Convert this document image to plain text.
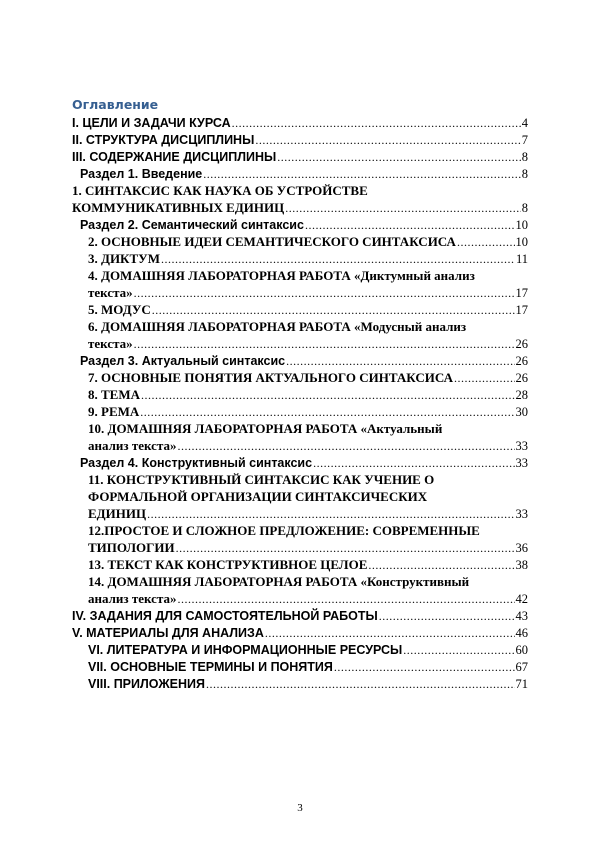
Оглавление
I. ЦЕЛИ И ЗАДАЧИ КУРСА .....	4
II. СТРУКТУРА ДИСЦИПЛИНЫ .....	7
III. СОДЕРЖАНИЕ ДИСЦИПЛИНЫ .....	8
Раздел 1. Введение .....	8
1. СИНТАКСИС КАК НАУКА ОБ УСТРОЙСТВЕ
КОММУНИКАТИВНЫХ ЕДИНИЦ .....	8
Раздел 2. Семантический синтаксис .....	10
2. ОСНОВНЫЕ ИДЕИ СЕМАНТИЧЕСКОГО СИНТАКСИСА .....	10
3. ДИКТУМ .....	11
4. ДОМАШНЯЯ ЛАБОРАТОРНАЯ РАБОТА «Диктумный анализ
текста» .....	17
5. МОДУС .....	17
6. ДОМАШНЯЯ ЛАБОРАТОРНАЯ РАБОТА «Модусный анализ
текста» .....	26
Раздел 3. Актуальный синтаксис .....	26
7. ОСНОВНЫЕ ПОНЯТИЯ АКТУАЛЬНОГО СИНТАКСИСА .....	26
8. ТЕМА .....	28
9. РЕМА .....	30
10. ДОМАШНЯЯ ЛАБОРАТОРНАЯ РАБОТА «Актуальный
анализ текста» .....	33
Раздел 4. Конструктивный синтаксис .....	33
11. КОНСТРУКТИВНЫЙ СИНТАКСИС КАК УЧЕНИЕ О
ФОРМАЛЬНОЙ ОРГАНИЗАЦИИ СИНТАКСИЧЕСКИХ
ЕДИНИЦ .....	33
12.ПРОСТОЕ И СЛОЖНОЕ ПРЕДЛОЖЕНИЕ: СОВРЕМЕННЫЕ
ТИПОЛОГИИ .....	36
13. ТЕКСТ КАК КОНСТРУКТИВНОЕ ЦЕЛОЕ .....	38
14. ДОМАШНЯЯ ЛАБОРАТОРНАЯ РАБОТА «Конструктивный
анализ текста» .....	42
IV. ЗАДАНИЯ ДЛЯ САМОСТОЯТЕЛЬНОЙ РАБОТЫ .....	43
V. МАТЕРИАЛЫ ДЛЯ АНАЛИЗА .....	46
VI. ЛИТЕРАТУРА И ИНФОРМАЦИОННЫЕ РЕСУРСЫ .....	60
VII. ОСНОВНЫЕ ТЕРМИНЫ И ПОНЯТИЯ .....	67
VIII. ПРИЛОЖЕНИЯ .....	71
3
